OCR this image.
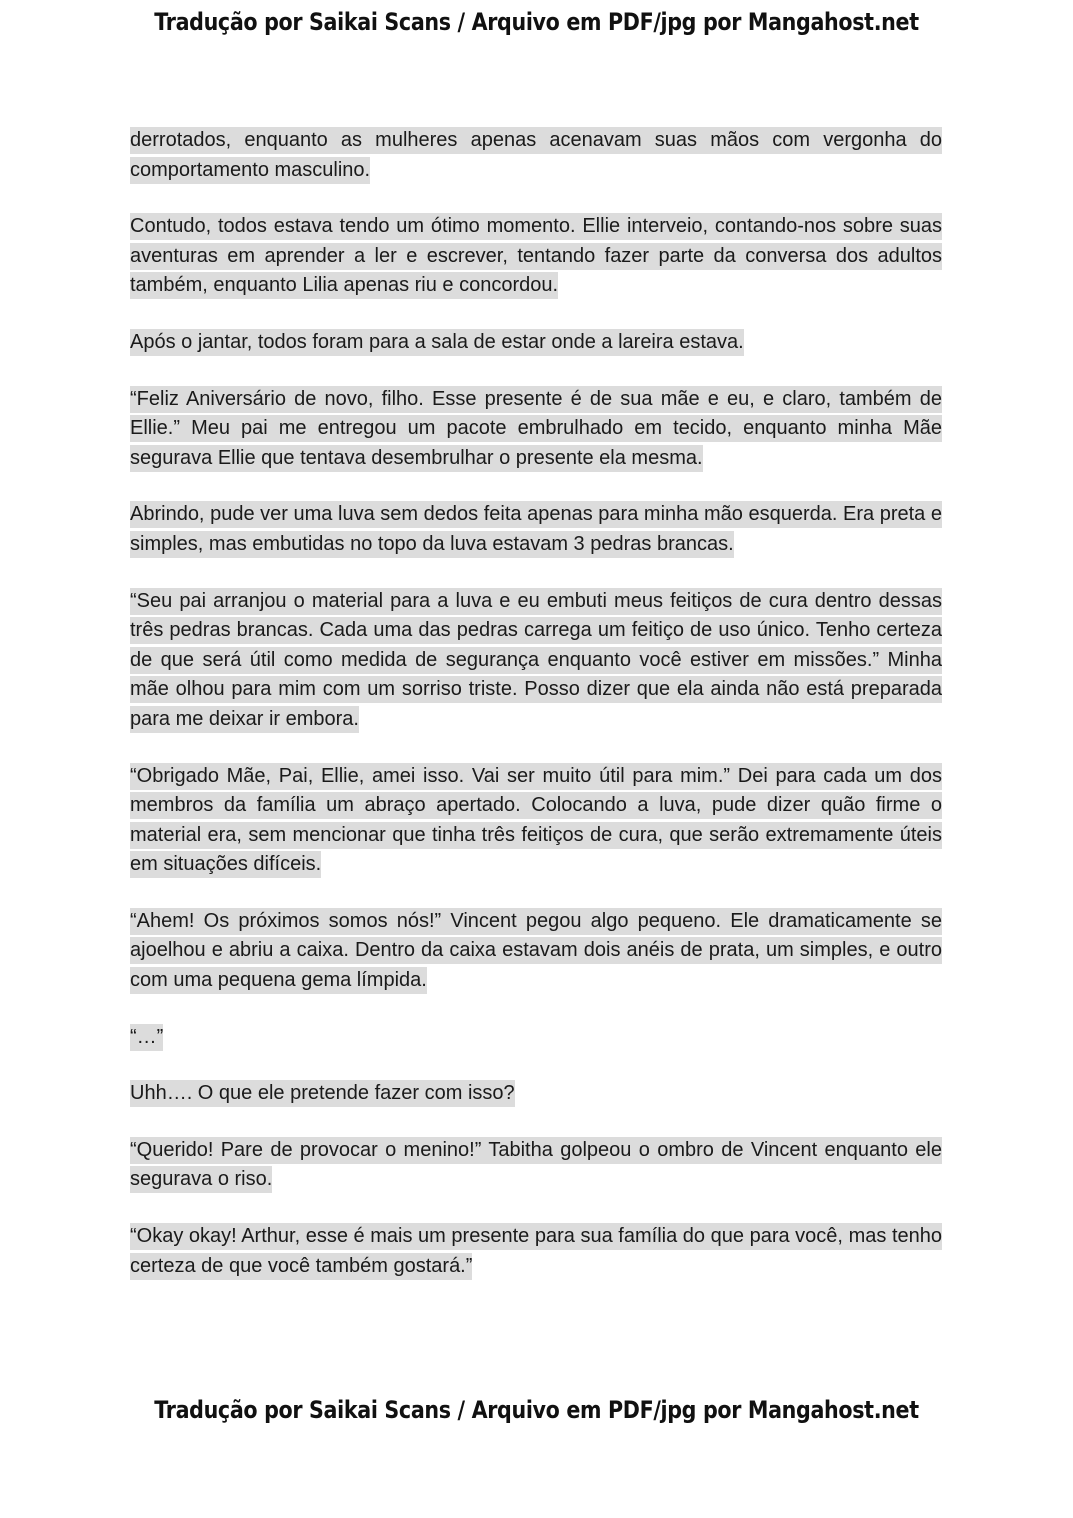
Tradução por Saikai Scans / Arquivo em PDF/jpg por Mangahost.net

derrotados, enquanto as mulheres apenas acenavam suas mãos com vergonha do comportamento masculino.

Contudo, todos estava tendo um ótimo momento. Ellie interveio, contando-nos sobre suas aventuras em aprender a ler e escrever, tentando fazer parte da conversa dos adultos também, enquanto Lilia apenas riu e concordou.

Após o jantar, todos foram para a sala de estar onde a lareira estava.

“Feliz Aniversário de novo, filho. Esse presente é de sua mãe e eu, e claro, também de Ellie.” Meu pai me entregou um pacote embrulhado em tecido, enquanto minha Mãe segurava Ellie que tentava desembrulhar o presente ela mesma.

Abrindo, pude ver uma luva sem dedos feita apenas para minha mão esquerda. Era preta e simples, mas embutidas no topo da luva estavam 3 pedras brancas.

“Seu pai arranjou o material para a luva e eu embuti meus feitiços de cura dentro dessas três pedras brancas. Cada uma das pedras carrega um feitiço de uso único. Tenho certeza de que será útil como medida de segurança enquanto você estiver em missões.” Minha mãe olhou para mim com um sorriso triste. Posso dizer que ela ainda não está preparada para me deixar ir embora.

“Obrigado Mãe, Pai, Ellie, amei isso. Vai ser muito útil para mim.” Dei para cada um dos membros da família um abraço apertado. Colocando a luva, pude dizer quão firme o material era, sem mencionar que tinha três feitiços de cura, que serão extremamente úteis em situações difíceis.

“Ahem! Os próximos somos nós!” Vincent pegou algo pequeno. Ele dramaticamente se ajoelhou e abriu a caixa. Dentro da caixa estavam dois anéis de prata, um simples, e outro com uma pequena gema límpida.

“…”

Uhh…. O que ele pretende fazer com isso?

“Querido! Pare de provocar o menino!” Tabitha golpeou o ombro de Vincent enquanto ele segurava o riso.

“Okay okay! Arthur, esse é mais um presente para sua família do que para você, mas tenho certeza de que você também gostará.”

Tradução por Saikai Scans / Arquivo em PDF/jpg por Mangahost.net
